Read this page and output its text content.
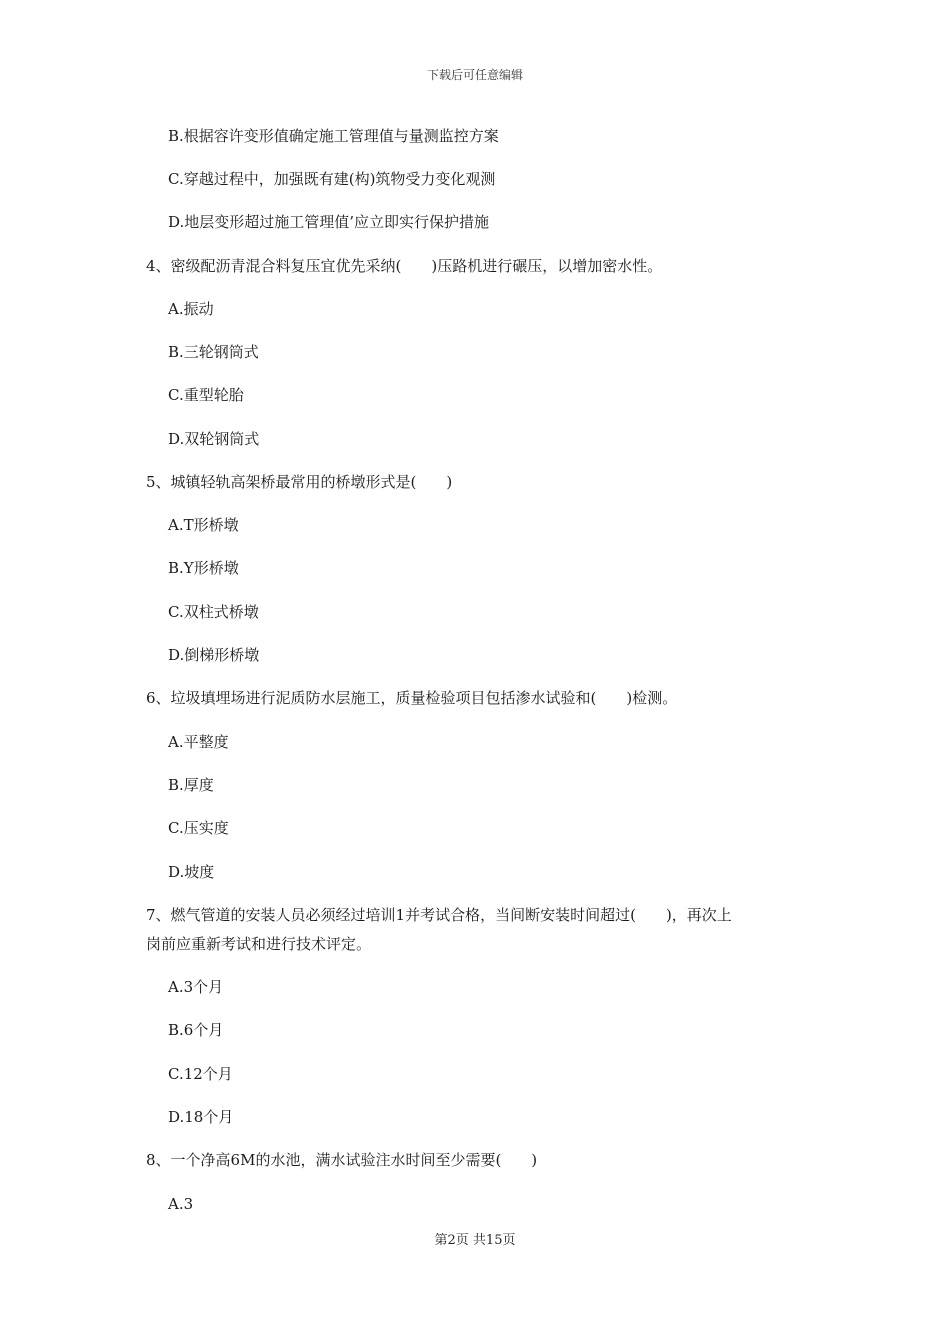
下载后可任意编辑
B.根据容许变形值确定施工管理值与量测监控方案
C.穿越过程中，加强既有建(构)筑物受力变化观测
D.地层变形超过施工管理值’应立即实行保护措施
4、密级配沥青混合料复压宜优先采纳(　　)压路机进行碾压，以增加密水性。
A.振动
B.三轮钢筒式
C.重型轮胎
D.双轮钢筒式
5、城镇轻轨高架桥最常用的桥墩形式是(　　)
A.T形桥墩
B.Y形桥墩
C.双柱式桥墩
D.倒梯形桥墩
6、垃圾填埋场进行泥质防水层施工，质量检验项目包括渗水试验和(　　)检测。
A.平整度
B.厚度
C.压实度
D.坡度
7、燃气管道的安装人员必须经过培训1并考试合格，当间断安装时间超过(　　)，再次上
岗前应重新考试和进行技术评定。
A.3个月
B.6个月
C.12个月
D.18个月
8、一个净高6M的水池，满水试验注水时间至少需要(　　)
A.3
第2页 共15页
